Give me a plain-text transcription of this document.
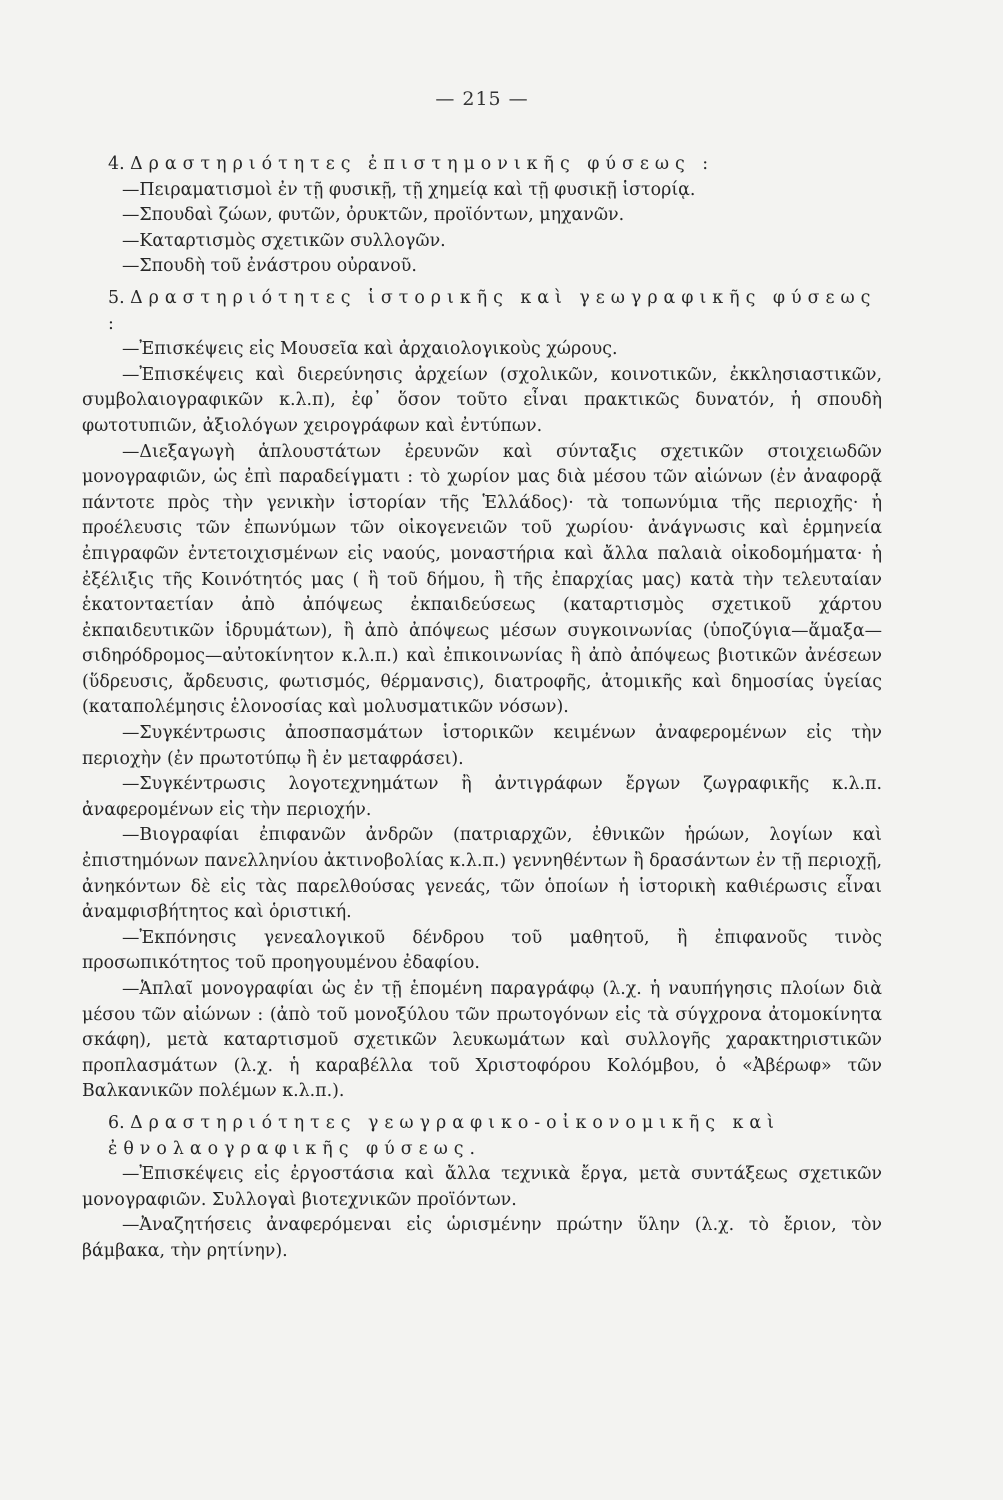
— 215 —

4. Δραστηριότητες ἐπιστημονικῆς φύσεως :

—Πειραματισμοὶ ἐν τῇ φυσικῇ, τῇ χημείᾳ καὶ τῇ φυσικῇ ἱστορίᾳ.

—Σπουδαὶ ζώων, φυτῶν, ὀρυκτῶν, προϊόντων, μηχανῶν.

—Καταρτισμὸς σχετικῶν συλλογῶν.

—Σπουδὴ τοῦ ἐνάστρου οὐρανοῦ.

5. Δραστηριότητες ἱστορικῆς καὶ γεωγραφικῆς φύσεως :

—Ἐπισκέψεις εἰς Μουσεῖα καὶ ἀρχαιολογικοὺς χώρους.

—Ἐπισκέψεις καὶ διερεύνησις ἀρχείων (σχολικῶν, κοινοτικῶν, ἐκκλησιαστικῶν, συμβολαιογραφικῶν κ.λ.π), ἐφ᾽ ὅσον τοῦτο εἶναι πρακτικῶς δυνατόν, ἡ σπουδὴ φωτοτυπιῶν, ἀξιολόγων χειρογράφων καὶ ἐντύπων.

—Διεξαγωγὴ ἁπλουστάτων ἐρευνῶν καὶ σύνταξις σχετικῶν στοιχειωδῶν μονογραφιῶν, ὡς ἐπὶ παραδείγματι : τὸ χωρίον μας διὰ μέσου τῶν αἰώνων (ἐν ἀναφορᾷ πάντοτε πρὸς τὴν γενικὴν ἱστορίαν τῆς Ἑλλάδος)· τὰ τοπωνύμια τῆς περιοχῆς· ἡ προέλευσις τῶν ἐπωνύμων τῶν οἰκογενειῶν τοῦ χωρίου· ἀνάγνωσις καὶ ἑρμηνεία ἐπιγραφῶν ἐντετοιχισμένων εἰς ναούς, μοναστήρια καὶ ἄλλα παλαιὰ οἰκοδομήματα· ἡ ἐξέλιξις τῆς Κοινότητός μας ( ἢ τοῦ δήμου, ἢ τῆς ἐπαρχίας μας) κατὰ τὴν τελευταίαν ἑκατονταετίαν ἀπὸ ἀπόψεως ἐκπαιδεύσεως (καταρτισμὸς σχετικοῦ χάρτου ἐκπαιδευτικῶν ἱδρυμάτων), ἢ ἀπὸ ἀπόψεως μέσων συγκοινωνίας (ὑποζύγια—ἅμαξα—σιδηρόδρομος—αὐτοκίνητον κ.λ.π.) καὶ ἐπικοινωνίας ἢ ἀπὸ ἀπόψεως βιοτικῶν ἀνέσεων (ὕδρευσις, ἄρδευσις, φωτισμός, θέρμανσις), διατροφῆς, ἀτομικῆς καὶ δημοσίας ὑγείας (καταπολέμησις ἑλονοσίας καὶ μολυσματικῶν νόσων).

—Συγκέντρωσις ἀποσπασμάτων ἱστορικῶν κειμένων ἀναφερομένων εἰς τὴν περιοχὴν (ἐν πρωτοτύπῳ ἢ ἐν μεταφράσει).

—Συγκέντρωσις λογοτεχνημάτων ἢ ἀντιγράφων ἔργων ζωγραφικῆς κ.λ.π. ἀναφερομένων εἰς τὴν περιοχήν.

—Βιογραφίαι ἐπιφανῶν ἀνδρῶν (πατριαρχῶν, ἐθνικῶν ἡρώων, λογίων καὶ ἐπιστημόνων πανελληνίου ἀκτινοβολίας κ.λ.π.) γεννηθέντων ἢ δρασάντων ἐν τῇ περιοχῇ, ἀνηκόντων δὲ εἰς τὰς παρελθούσας γενεάς, τῶν ὁποίων ἡ ἱστορικὴ καθιέρωσις εἶναι ἀναμφισβήτητος καὶ ὁριστική.

—Ἐκπόνησις γενεαλογικοῦ δένδρου τοῦ μαθητοῦ, ἢ ἐπιφανοῦς τινὸς προσωπικότητος τοῦ προηγουμένου ἐδαφίου.

—Ἁπλαῖ μονογραφίαι ὡς ἐν τῇ ἑπομένη παραγράφῳ (λ.χ. ἡ ναυπήγησις πλοίων διὰ μέσου τῶν αἰώνων : (ἀπὸ τοῦ μονοξύλου τῶν πρωτογόνων εἰς τὰ σύγχρονα ἀτομοκίνητα σκάφη), μετὰ καταρτισμοῦ σχετικῶν λευκωμάτων καὶ συλλογῆς χαρακτηριστικῶν προπλασμάτων (λ.χ. ἡ καραβέλλα τοῦ Χριστοφόρου Κολόμβου, ὁ «Ἀβέρωφ» τῶν Βαλκανικῶν πολέμων κ.λ.π.).

6. Δραστηριότητες γεωγραφικο-οἰκονομικῆς καὶ ἐθνολαογραφικῆς φύσεως.

—Ἐπισκέψεις εἰς ἐργοστάσια καὶ ἄλλα τεχνικὰ ἔργα, μετὰ συντάξεως σχετικῶν μονογραφιῶν. Συλλογαὶ βιοτεχνικῶν προϊόντων.

—Ἀναζητήσεις ἀναφερόμεναι εἰς ὡρισμένην πρώτην ὕλην (λ.χ. τὸ ἔριον, τὸν βάμβακα, τὴν ρητίνην).
